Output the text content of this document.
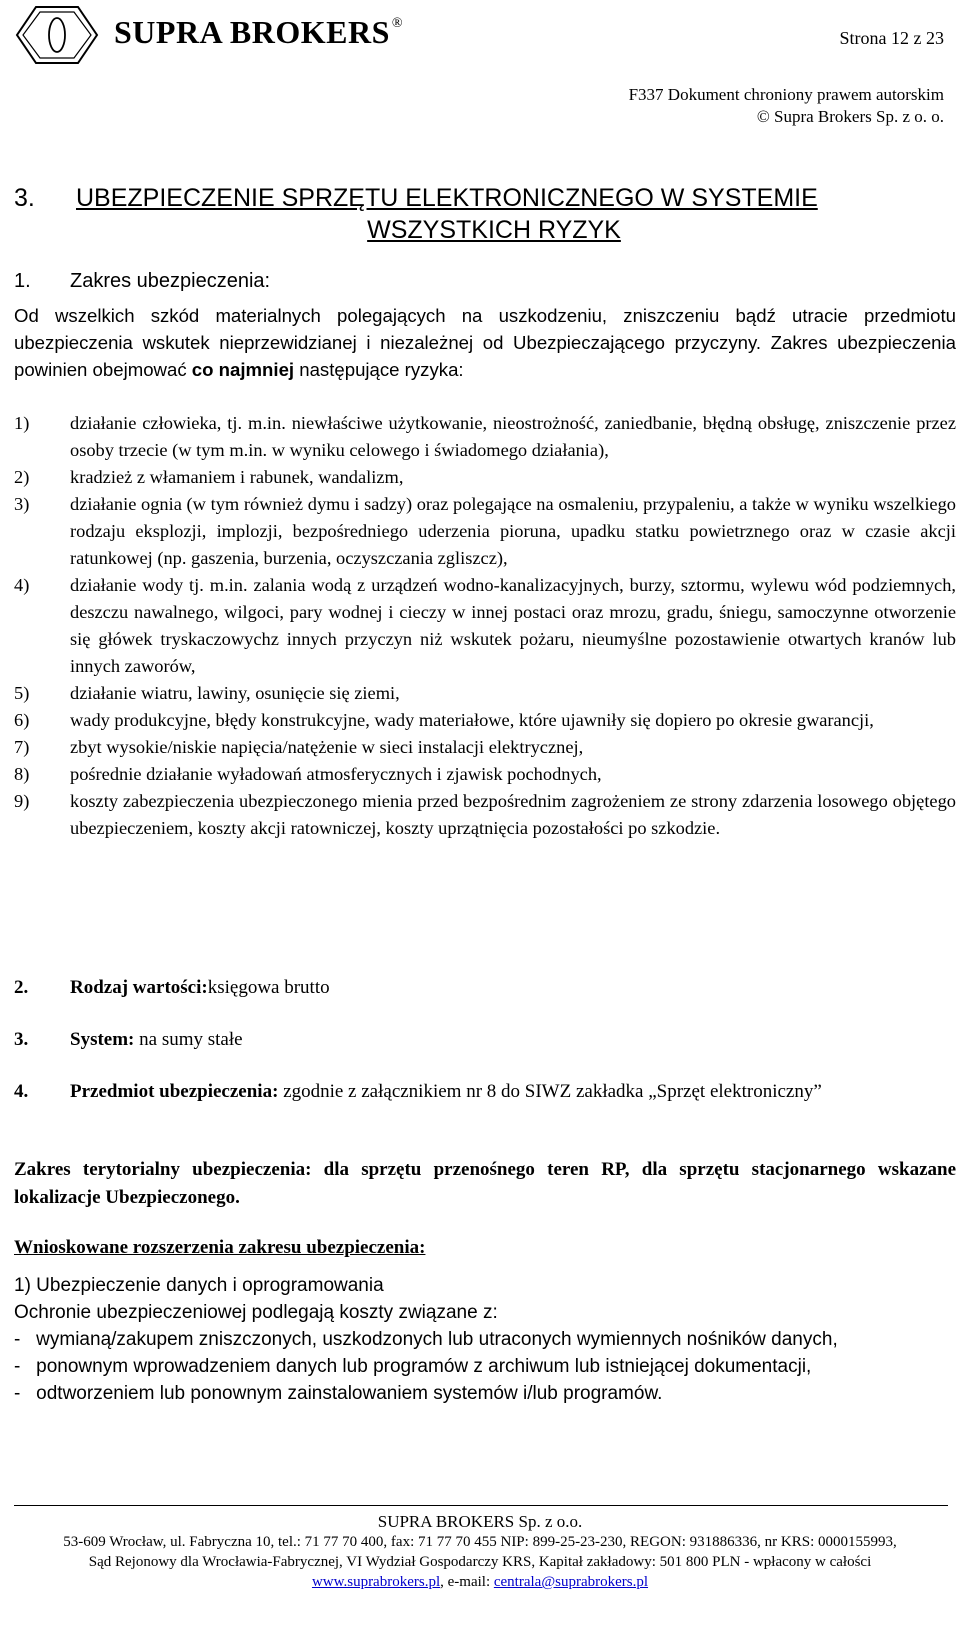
SUPRA BROKERS ®
Strona 12 z 23
F337 Dokument chroniony prawem autorskim
© Supra Brokers Sp. z o. o.
3. UBEZPIECZENIE SPRZĘTU ELEKTRONICZNEGO W SYSTEMIE
WSZYSTKICH RYZYK
1. Zakres ubezpieczenia:
Od wszelkich szkód materialnych polegających na uszkodzeniu, zniszczeniu bądź utracie przedmiotu ubezpieczenia wskutek nieprzewidzianej i niezależnej od Ubezpieczającego przyczyny. Zakres ubezpieczenia powinien obejmować co najmniej następujące ryzyka:
1) działanie człowieka, tj. m.in. niewłaściwe użytkowanie, nieostrożność, zaniedbanie, błędną obsługę, zniszczenie przez osoby trzecie (w tym m.in. w wyniku celowego i świadomego działania),
2) kradzież z włamaniem i rabunek, wandalizm,
3) działanie ognia (w tym również dymu i sadzy) oraz polegające na osmaleniu, przypaleniu, a także w wyniku wszelkiego rodzaju eksplozji, implozji, bezpośredniego uderzenia pioruna, upadku statku powietrznego oraz w czasie akcji ratunkowej (np. gaszenia, burzenia, oczyszczania zgliszcz),
4) działanie wody tj. m.in. zalania wodą z urządzeń wodno-kanalizacyjnych, burzy, sztormu, wylewu wód podziemnych, deszczu nawalnego, wilgoci, pary wodnej i cieczy w innej postaci oraz mrozu, gradu, śniegu, samoczynne otworzenie się główek tryskaczowychz innych przyczyn niż wskutek pożaru, nieumyślne pozostawienie otwartych kranów lub innych zaworów,
5) działanie wiatru, lawiny, osunięcie się ziemi,
6) wady produkcyjne, błędy konstrukcyjne, wady materiałowe, które ujawniły się dopiero po okresie gwarancji,
7) zbyt wysokie/niskie napięcia/natężenie w sieci instalacji elektrycznej,
8) pośrednie działanie wyładowań atmosferycznych i zjawisk pochodnych,
9) koszty zabezpieczenia ubezpieczonego mienia przed bezpośrednim zagrożeniem ze strony zdarzenia losowego objętego ubezpieczeniem, koszty akcji ratowniczej, koszty uprzątnięcia pozostałości po szkodzie.
2. Rodzaj wartości:księgowa brutto
3. System: na sumy stałe
4. Przedmiot ubezpieczenia: zgodnie z załącznikiem nr 8 do SIWZ zakładka „Sprzęt elektroniczny”
Zakres terytorialny ubezpieczenia: dla sprzętu przenośnego teren RP, dla sprzętu stacjonarnego wskazane lokalizacje Ubezpieczonego.
Wnioskowane rozszerzenia zakresu ubezpieczenia:
1) Ubezpieczenie danych i oprogramowania
Ochronie ubezpieczeniowej podlegają koszty związane z:
-   wymianą/zakupem zniszczonych, uszkodzonych lub utraconych wymiennych nośników danych,
-   ponownym wprowadzeniem danych lub programów z archiwum lub istniejącej dokumentacji,
-   odtworzeniem lub ponownym zainstalowaniem systemów i/lub programów.
SUPRA BROKERS Sp. z o.o.
53-609 Wrocław, ul. Fabryczna 10, tel.: 71 77 70 400, fax: 71 77 70 455 NIP: 899-25-23-230, REGON: 931886336, nr KRS: 0000155993,
Sąd Rejonowy dla Wrocławia-Fabrycznej, VI Wydział Gospodarczy KRS, Kapitał zakładowy: 501 800 PLN - wpłacony w całości
www.suprabrokers.pl, e-mail: centrala@suprabrokers.pl
